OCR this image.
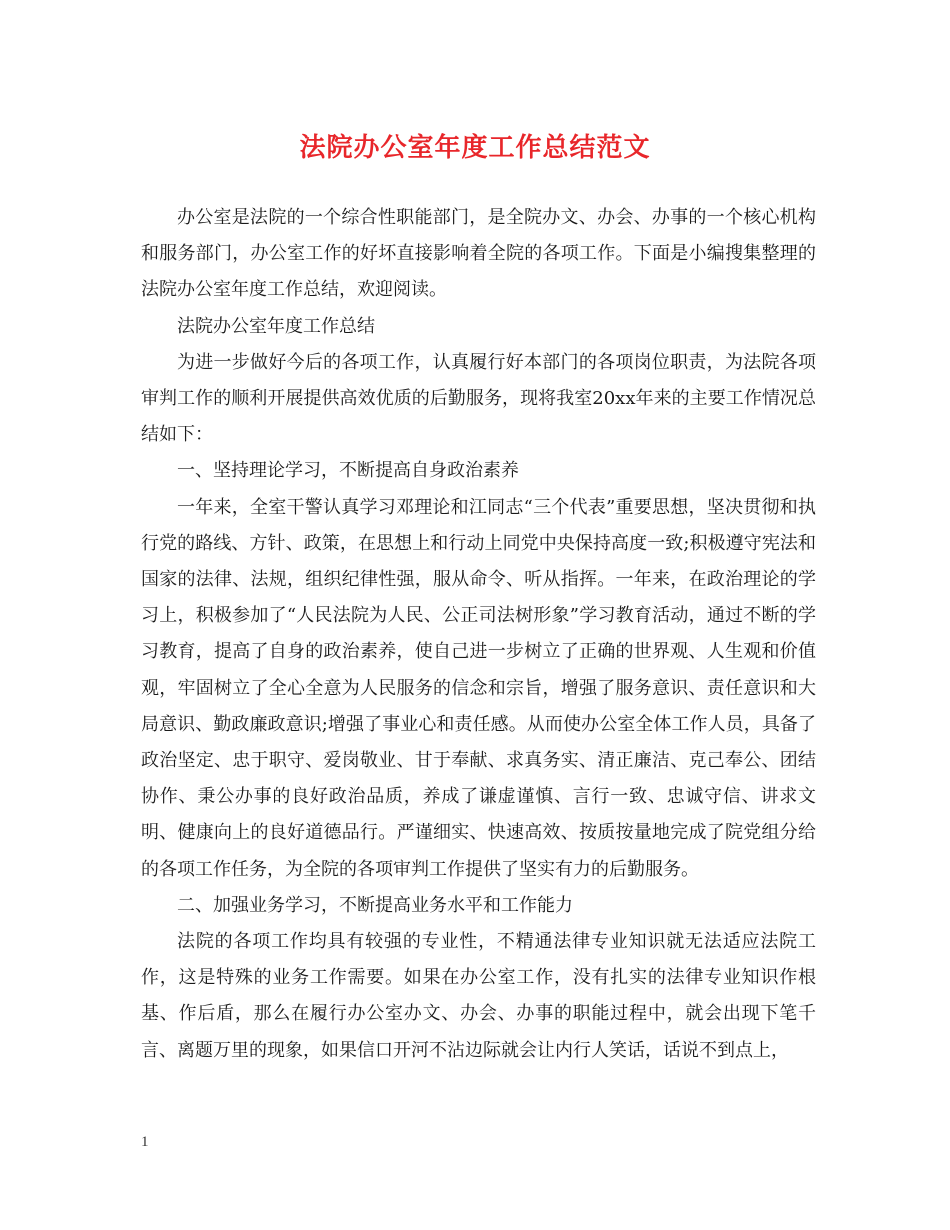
法院办公室年度工作总结范文

办公室是法院的一个综合性职能部门，是全院办文、办会、办事的一个核心机构和服务部门，办公室工作的好坏直接影响着全院的各项工作。下面是小编搜集整理的法院办公室年度工作总结，欢迎阅读。

法院办公室年度工作总结

为进一步做好今后的各项工作，认真履行好本部门的各项岗位职责，为法院各项审判工作的顺利开展提供高效优质的后勤服务，现将我室20xx年来的主要工作情况总结如下：

一、坚持理论学习，不断提高自身政治素养

一年来，全室干警认真学习邓理论和江同志“三个代表”重要思想，坚决贯彻和执行党的路线、方针、政策，在思想上和行动上同党中央保持高度一致;积极遵守宪法和国家的法律、法规，组织纪律性强，服从命令、听从指挥。一年来，在政治理论的学习上，积极参加了“人民法院为人民、公正司法树形象”学习教育活动，通过不断的学习教育，提高了自身的政治素养，使自己进一步树立了正确的世界观、人生观和价值观，牢固树立了全心全意为人民服务的信念和宗旨，增强了服务意识、责任意识和大局意识、勤政廉政意识;增强了事业心和责任感。从而使办公室全体工作人员，具备了政治坚定、忠于职守、爱岗敬业、甘于奉献、求真务实、清正廉洁、克己奉公、团结协作、秉公办事的良好政治品质，养成了谦虚谨慎、言行一致、忠诚守信、讲求文明、健康向上的良好道德品行。严谨细实、快速高效、按质按量地完成了院党组分给的各项工作任务，为全院的各项审判工作提供了坚实有力的后勤服务。

二、加强业务学习，不断提高业务水平和工作能力

法院的各项工作均具有较强的专业性，不精通法律专业知识就无法适应法院工作，这是特殊的业务工作需要。如果在办公室工作，没有扎实的法律专业知识作根基、作后盾，那么在履行办公室办文、办会、办事的职能过程中，就会出现下笔千言、离题万里的现象，如果信口开河不沾边际就会让内行人笑话，话说不到点上，

1
